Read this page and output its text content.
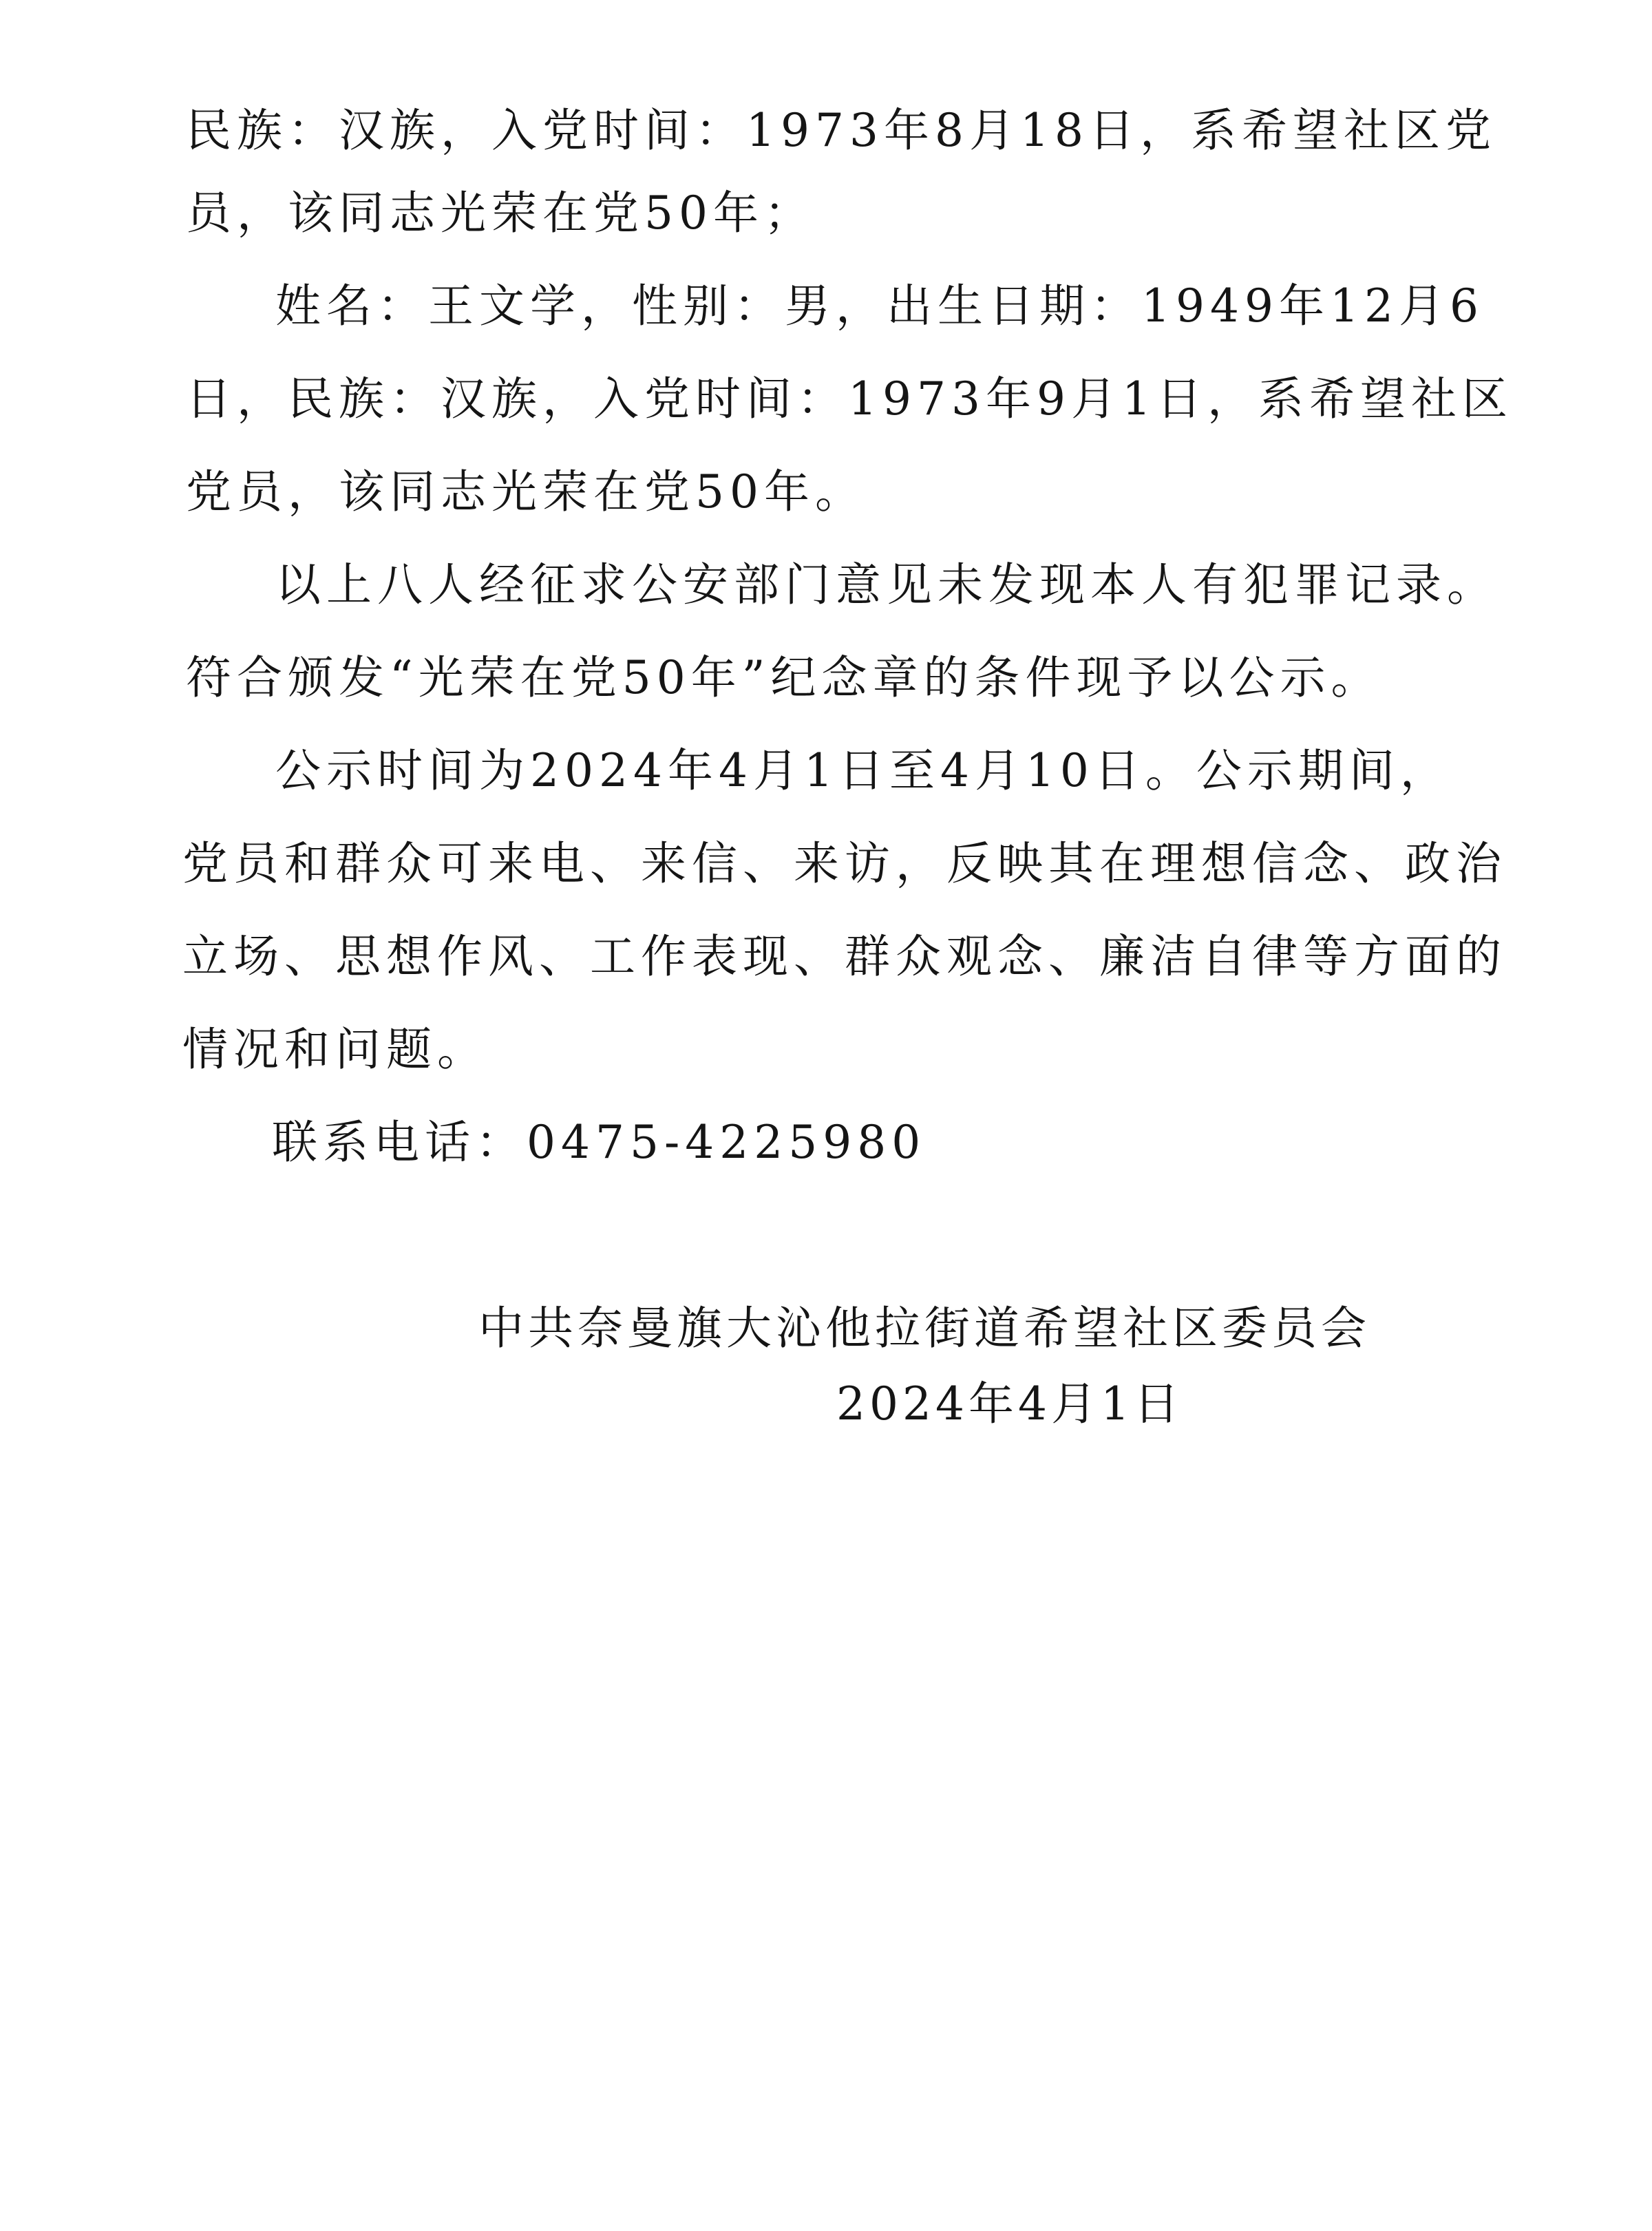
民族：汉族，入党时间：1973年8月18日，系希望社区党
员，该同志光荣在党50年；
姓名：王文学，性别：男，出生日期：1949年12月6
日，民族：汉族，入党时间：1973年9月1日，系希望社区
党员，该同志光荣在党50年。
以上八人经征求公安部门意见未发现本人有犯罪记录。
符合颁发“光荣在党50年”纪念章的条件现予以公示。
公示时间为2024年4月1日至4月10日。公示期间，
党员和群众可来电、来信、来访，反映其在理想信念、政治
立场、思想作风、工作表现、群众观念、廉洁自律等方面的
情况和问题。
联系电话：0475-4225980
中共奈曼旗大沁他拉街道希望社区委员会
2024年4月1日
